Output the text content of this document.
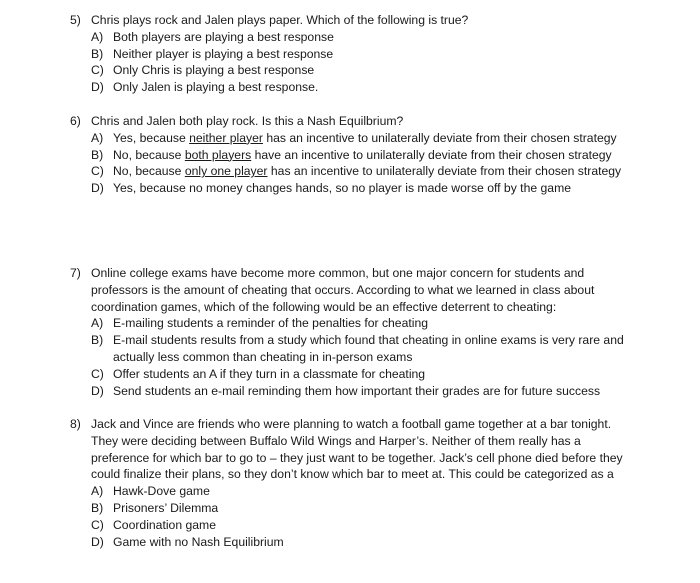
5) Chris plays rock and Jalen plays paper. Which of the following is true?
A) Both players are playing a best response
B) Neither player is playing a best response
C) Only Chris is playing a best response
D) Only Jalen is playing a best response.
6) Chris and Jalen both play rock. Is this a Nash Equilbrium?
A) Yes, because neither player has an incentive to unilaterally deviate from their chosen strategy
B) No, because both players have an incentive to unilaterally deviate from their chosen strategy
C) No, because only one player has an incentive to unilaterally deviate from their chosen strategy
D) Yes, because no money changes hands, so no player is made worse off by the game
7) Online college exams have become more common, but one major concern for students and professors is the amount of cheating that occurs. According to what we learned in class about coordination games, which of the following would be an effective deterrent to cheating:
A) E-mailing students a reminder of the penalties for cheating
B) E-mail students results from a study which found that cheating in online exams is very rare and actually less common than cheating in in-person exams
C) Offer students an A if they turn in a classmate for cheating
D) Send students an e-mail reminding them how important their grades are for future success
8) Jack and Vince are friends who were planning to watch a football game together at a bar tonight. They were deciding between Buffalo Wild Wings and Harper’s. Neither of them really has a preference for which bar to go to – they just want to be together. Jack’s cell phone died before they could finalize their plans, so they don’t know which bar to meet at. This could be categorized as a
A) Hawk-Dove game
B) Prisoners’ Dilemma
C) Coordination game
D) Game with no Nash Equilibrium
